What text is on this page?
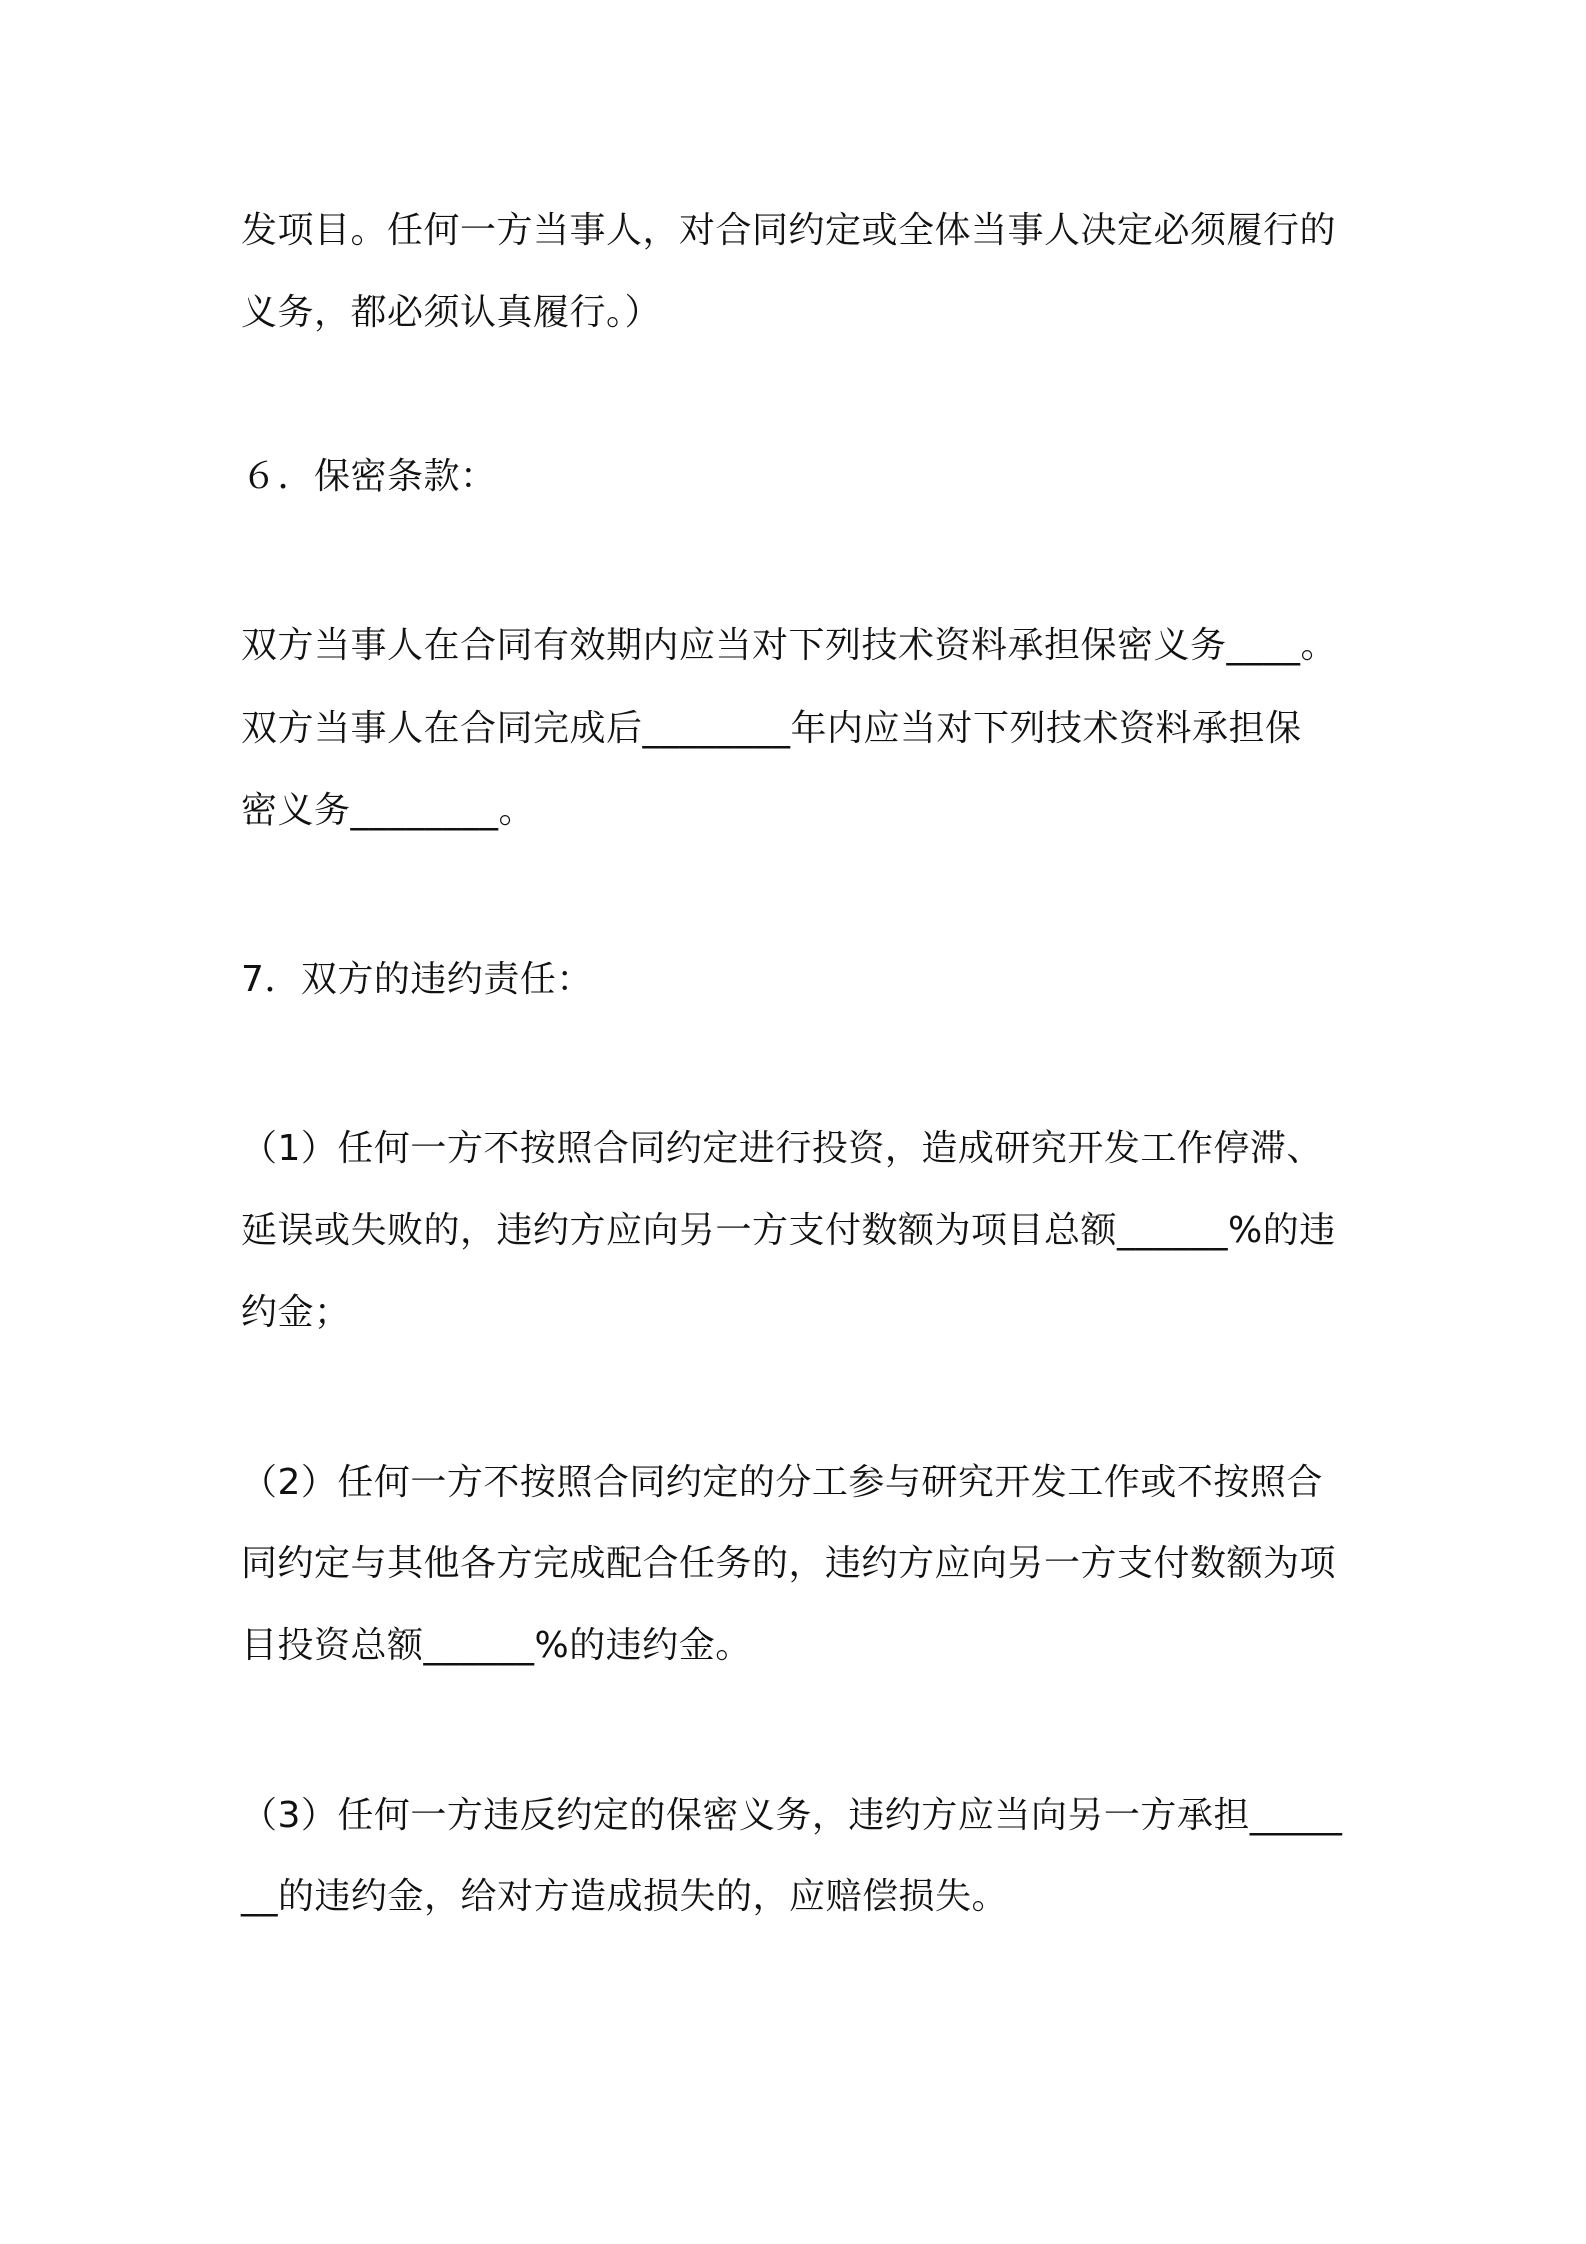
发项目。任何一方当事人，对合同约定或全体当事人决定必须履行的
义务，都必须认真履行。）
６．保密条款：
双方当事人在合同有效期内应当对下列技术资料承担保密义务____。
双方当事人在合同完成后________年内应当对下列技术资料承担保
密义务________。
7．双方的违约责任：
（1）任何一方不按照合同约定进行投资，造成研究开发工作停滞、
延误或失败的，违约方应向另一方支付数额为项目总额______%的违
约金；
（2）任何一方不按照合同约定的分工参与研究开发工作或不按照合
同约定与其他各方完成配合任务的，违约方应向另一方支付数额为项
目投资总额______%的违约金。
（3）任何一方违反约定的保密义务，违约方应当向另一方承担_____
__的违约金，给对方造成损失的，应赔偿损失。
